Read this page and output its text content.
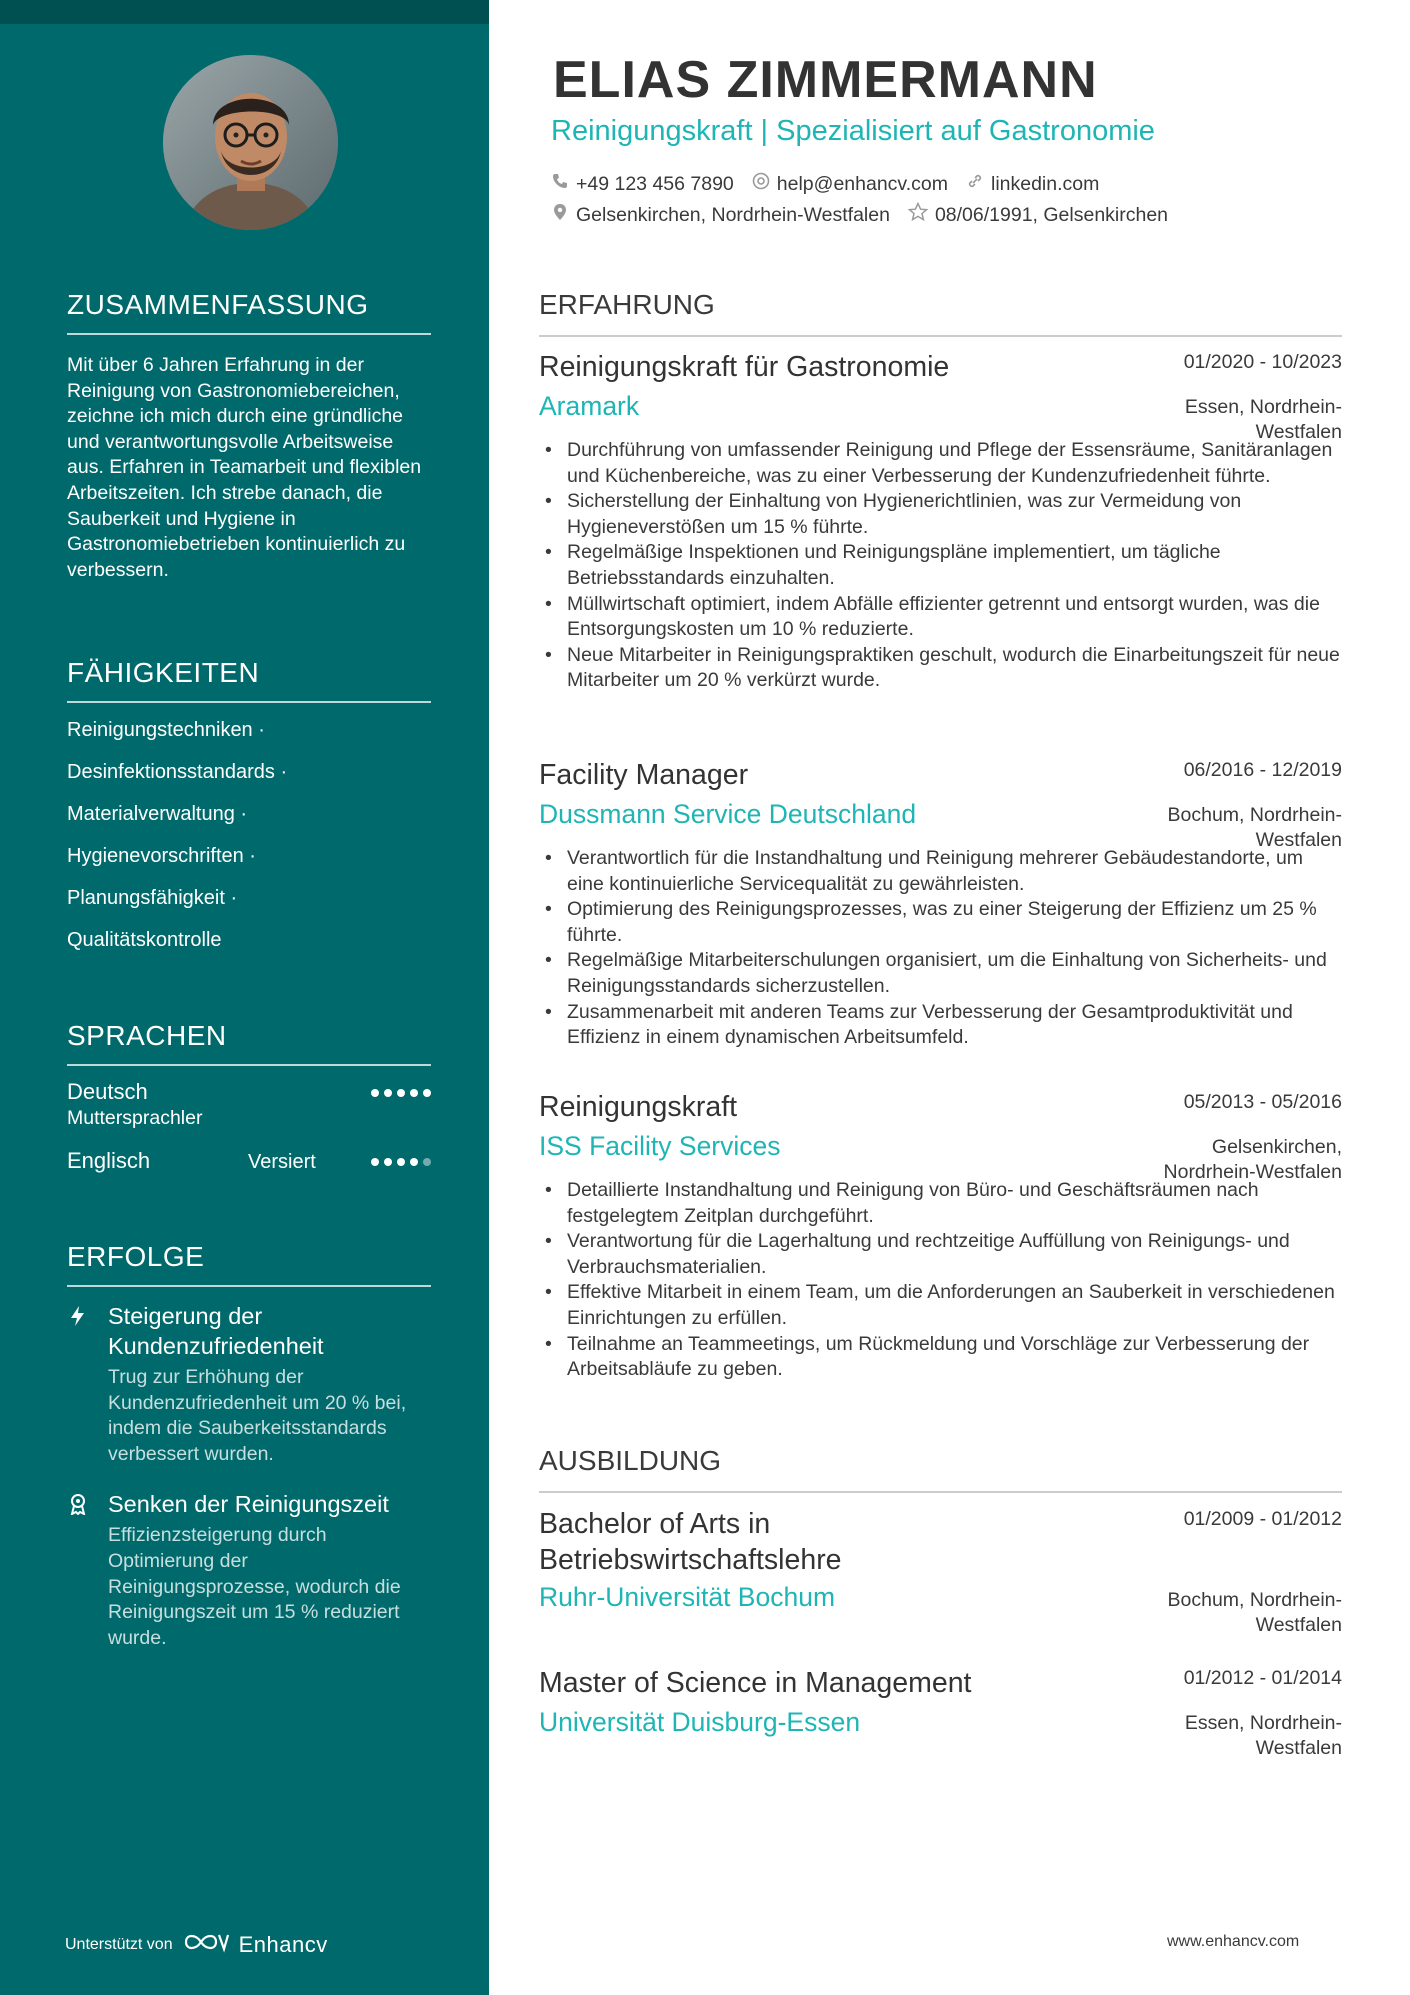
ZUSAMMENFASSUNG
Mit über 6 Jahren Erfahrung in der Reinigung von Gastronomiebereichen, zeichne ich mich durch eine gründliche und verantwortungsvolle Arbeitsweise aus. Erfahren in Teamarbeit und flexiblen Arbeitszeiten. Ich strebe danach, die Sauberkeit und Hygiene in Gastronomiebetrieben kontinuierlich zu verbessern.
FÄHIGKEITEN
Reinigungstechniken ·
Desinfektionsstandards ·
Materialverwaltung ·
Hygienevorschriften ·
Planungsfähigkeit ·
Qualitätskontrolle
SPRACHEN
Deutsch
Muttersprachler
Englisch	Versiert
ERFOLGE
Steigerung der Kundenzufriedenheit
Trug zur Erhöhung der Kundenzufriedenheit um 20 % bei, indem die Sauberkeitsstandards verbessert wurden.
Senken der Reinigungszeit
Effizienzsteigerung durch Optimierung der Reinigungsprozesse, wodurch die Reinigungszeit um 15 % reduziert wurde.
Unterstützt von	Enhancv
ELIAS ZIMMERMANN
Reinigungskraft | Spezialisiert auf Gastronomie
+49 123 456 7890 help@enhancv.com linkedin.com
Gelsenkirchen, Nordrhein-Westfalen 08/06/1991, Gelsenkirchen
ERFAHRUNG
Reinigungskraft für Gastronomie	01/2020 - 10/2023
Aramark	Essen, Nordrhein-Westfalen
• Durchführung von umfassender Reinigung und Pflege der Essensräume, Sanitäranlagen und Küchenbereiche, was zu einer Verbesserung der Kundenzufriedenheit führte.
• Sicherstellung der Einhaltung von Hygienerichtlinien, was zur Vermeidung von Hygieneverstößen um 15 % führte.
• Regelmäßige Inspektionen und Reinigungspläne implementiert, um tägliche Betriebsstandards einzuhalten.
• Müllwirtschaft optimiert, indem Abfälle effizienter getrennt und entsorgt wurden, was die Entsorgungskosten um 10 % reduzierte.
• Neue Mitarbeiter in Reinigungspraktiken geschult, wodurch die Einarbeitungszeit für neue Mitarbeiter um 20 % verkürzt wurde.
Facility Manager	06/2016 - 12/2019
Dussmann Service Deutschland	Bochum, Nordrhein-Westfalen
• Verantwortlich für die Instandhaltung und Reinigung mehrerer Gebäudestandorte, um eine kontinuierliche Servicequalität zu gewährleisten.
• Optimierung des Reinigungsprozesses, was zu einer Steigerung der Effizienz um 25 % führte.
• Regelmäßige Mitarbeiterschulungen organisiert, um die Einhaltung von Sicherheits- und Reinigungsstandards sicherzustellen.
• Zusammenarbeit mit anderen Teams zur Verbesserung der Gesamtproduktivität und Effizienz in einem dynamischen Arbeitsumfeld.
Reinigungskraft	05/2013 - 05/2016
ISS Facility Services	Gelsenkirchen, Nordrhein-Westfalen
• Detaillierte Instandhaltung und Reinigung von Büro- und Geschäftsräumen nach festgelegtem Zeitplan durchgeführt.
• Verantwortung für die Lagerhaltung und rechtzeitige Auffüllung von Reinigungs- und Verbrauchsmaterialien.
• Effektive Mitarbeit in einem Team, um die Anforderungen an Sauberkeit in verschiedenen Einrichtungen zu erfüllen.
• Teilnahme an Teammeetings, um Rückmeldung und Vorschläge zur Verbesserung der Arbeitsabläufe zu geben.
AUSBILDUNG
Bachelor of Arts in Betriebswirtschaftslehre
01/2009 - 01/2012
Ruhr-Universität Bochum	Bochum, Nordrhein-Westfalen
Master of Science in Management	01/2012 - 01/2014
Universität Duisburg-Essen	Essen, Nordrhein-Westfalen
www.enhancv.com
